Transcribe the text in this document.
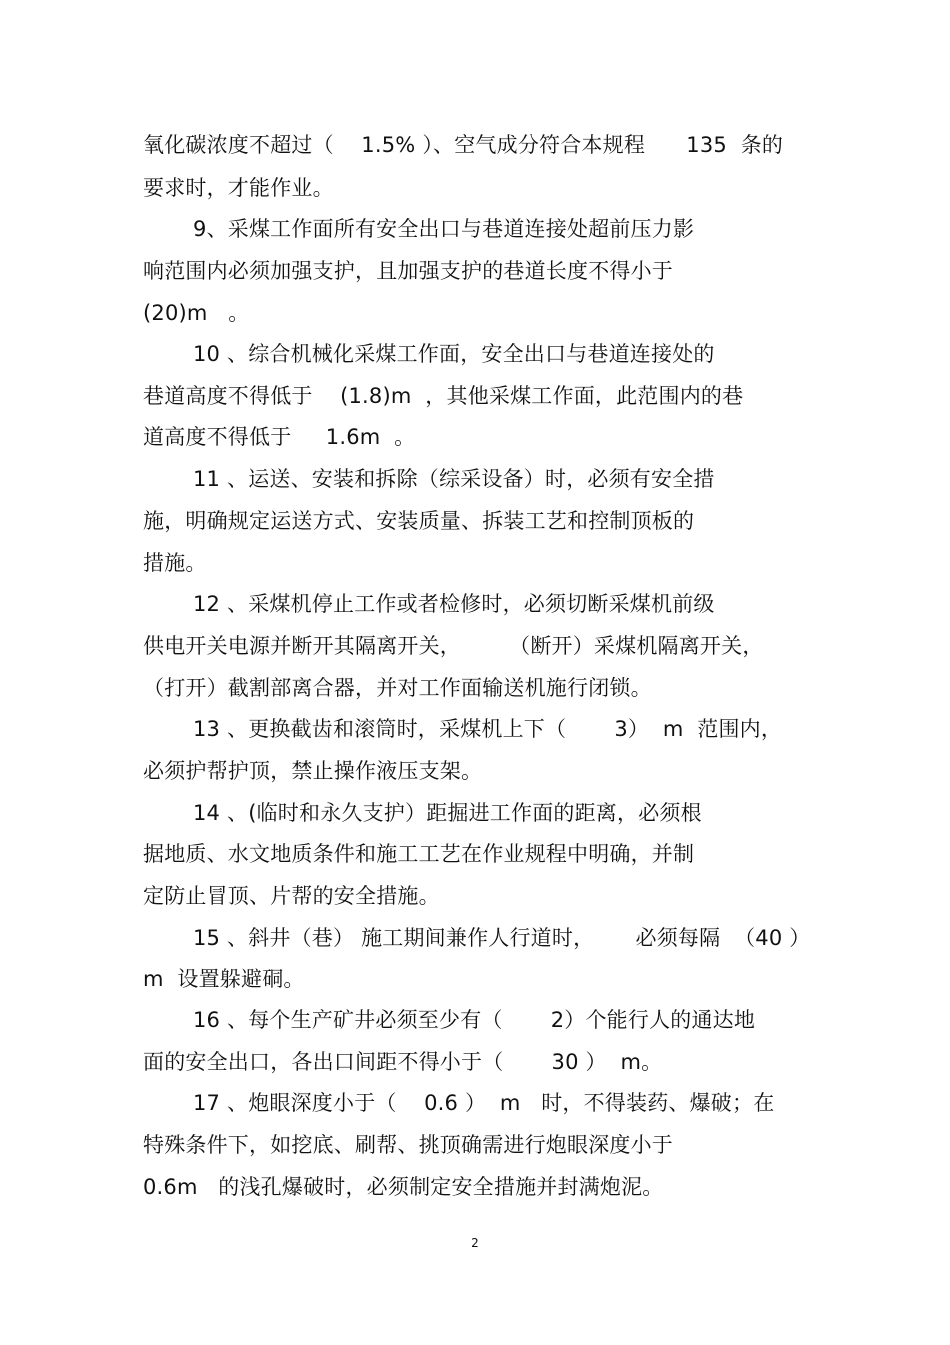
氧化碳浓度不超过（    1.5% ）、空气成分符合本规程      135  条的
要求时，才能作业。
9、采煤工作面所有安全出口与巷道连接处超前压力影
响范围内必须加强支护，且加强支护的巷道长度不得小于
(20)m   。
10 、综合机械化采煤工作面，安全出口与巷道连接处的
巷道高度不得低于    (1.8)m  ，其他采煤工作面，此范围内的巷
道高度不得低于     1.6m  。
11 、运送、安装和拆除（综采设备）时，必须有安全措
施，明确规定运送方式、安装质量、拆装工艺和控制顶板的
措施。
12 、采煤机停止工作或者检修时，必须切断采煤机前级
供电开关电源并断开其隔离开关，       （断开）采煤机隔离开关，
（打开）截割部离合器，并对工作面输送机施行闭锁。
13 、更换截齿和滚筒时，采煤机上下（       3）  m  范围内，
必须护帮护顶，禁止操作液压支架。
14 、(临时和永久支护）距掘进工作面的距离，必须根
据地质、水文地质条件和施工工艺在作业规程中明确，并制
定防止冒顶、片帮的安全措施。
15 、斜井（巷） 施工期间兼作人行道时，      必须每隔  （40 ）
m  设置躲避硐。
16 、每个生产矿井必须至少有（       2）个能行人的通达地
面的安全出口，各出口间距不得小于（       30 ）  m。
17 、炮眼深度小于（    0.6 ）  m   时，不得装药、爆破；在
特殊条件下，如挖底、刷帮、挑顶确需进行炮眼深度小于
0.6m   的浅孔爆破时，必须制定安全措施并封满炮泥。
2
